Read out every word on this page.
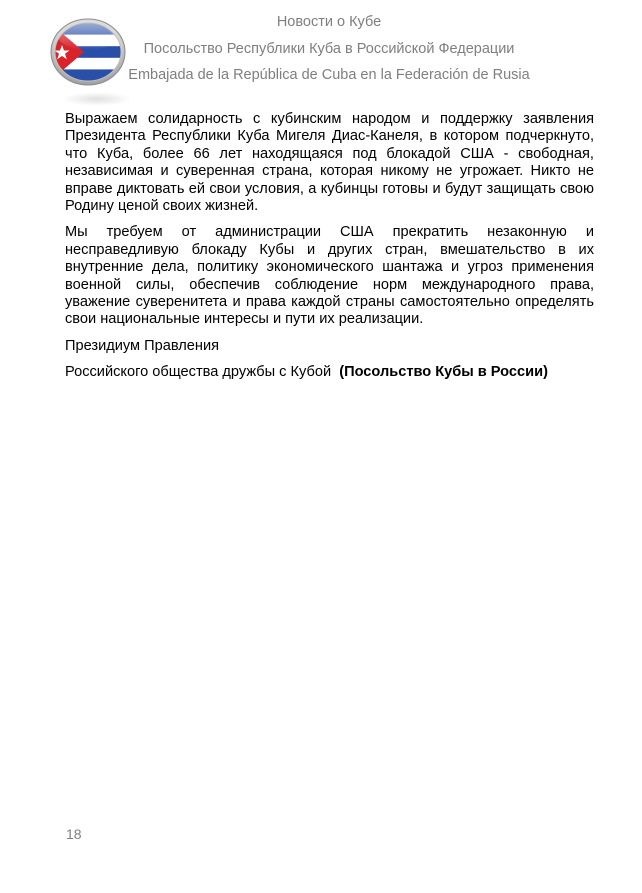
Новости о Кубе
Посольство Республики Куба в Российской Федерации
Embajada de la República de Cuba en la Federación de Rusia

Выражаем солидарность с кубинским народом и поддержку заявления Президента Республики Куба Мигеля Диас-Канеля, в котором подчеркнуто, что Куба, более 66 лет находящаяся под блокадой США - свободная, независимая и суверенная страна, которая никому не угрожает. Никто не вправе диктовать ей свои условия, а кубинцы готовы и будут защищать свою Родину ценой своих жизней.

Мы требуем от администрации США прекратить незаконную и несправедливую блокаду Кубы и других стран, вмешательство в их внутренние дела, политику экономического шантажа и угроз применения военной силы, обеспечив соблюдение норм международного права, уважение суверенитета и права каждой страны самостоятельно определять свои национальные интересы и пути их реализации.

Президиум Правления

Российского общества дружбы с Кубой (Посольство Кубы в России)

18
